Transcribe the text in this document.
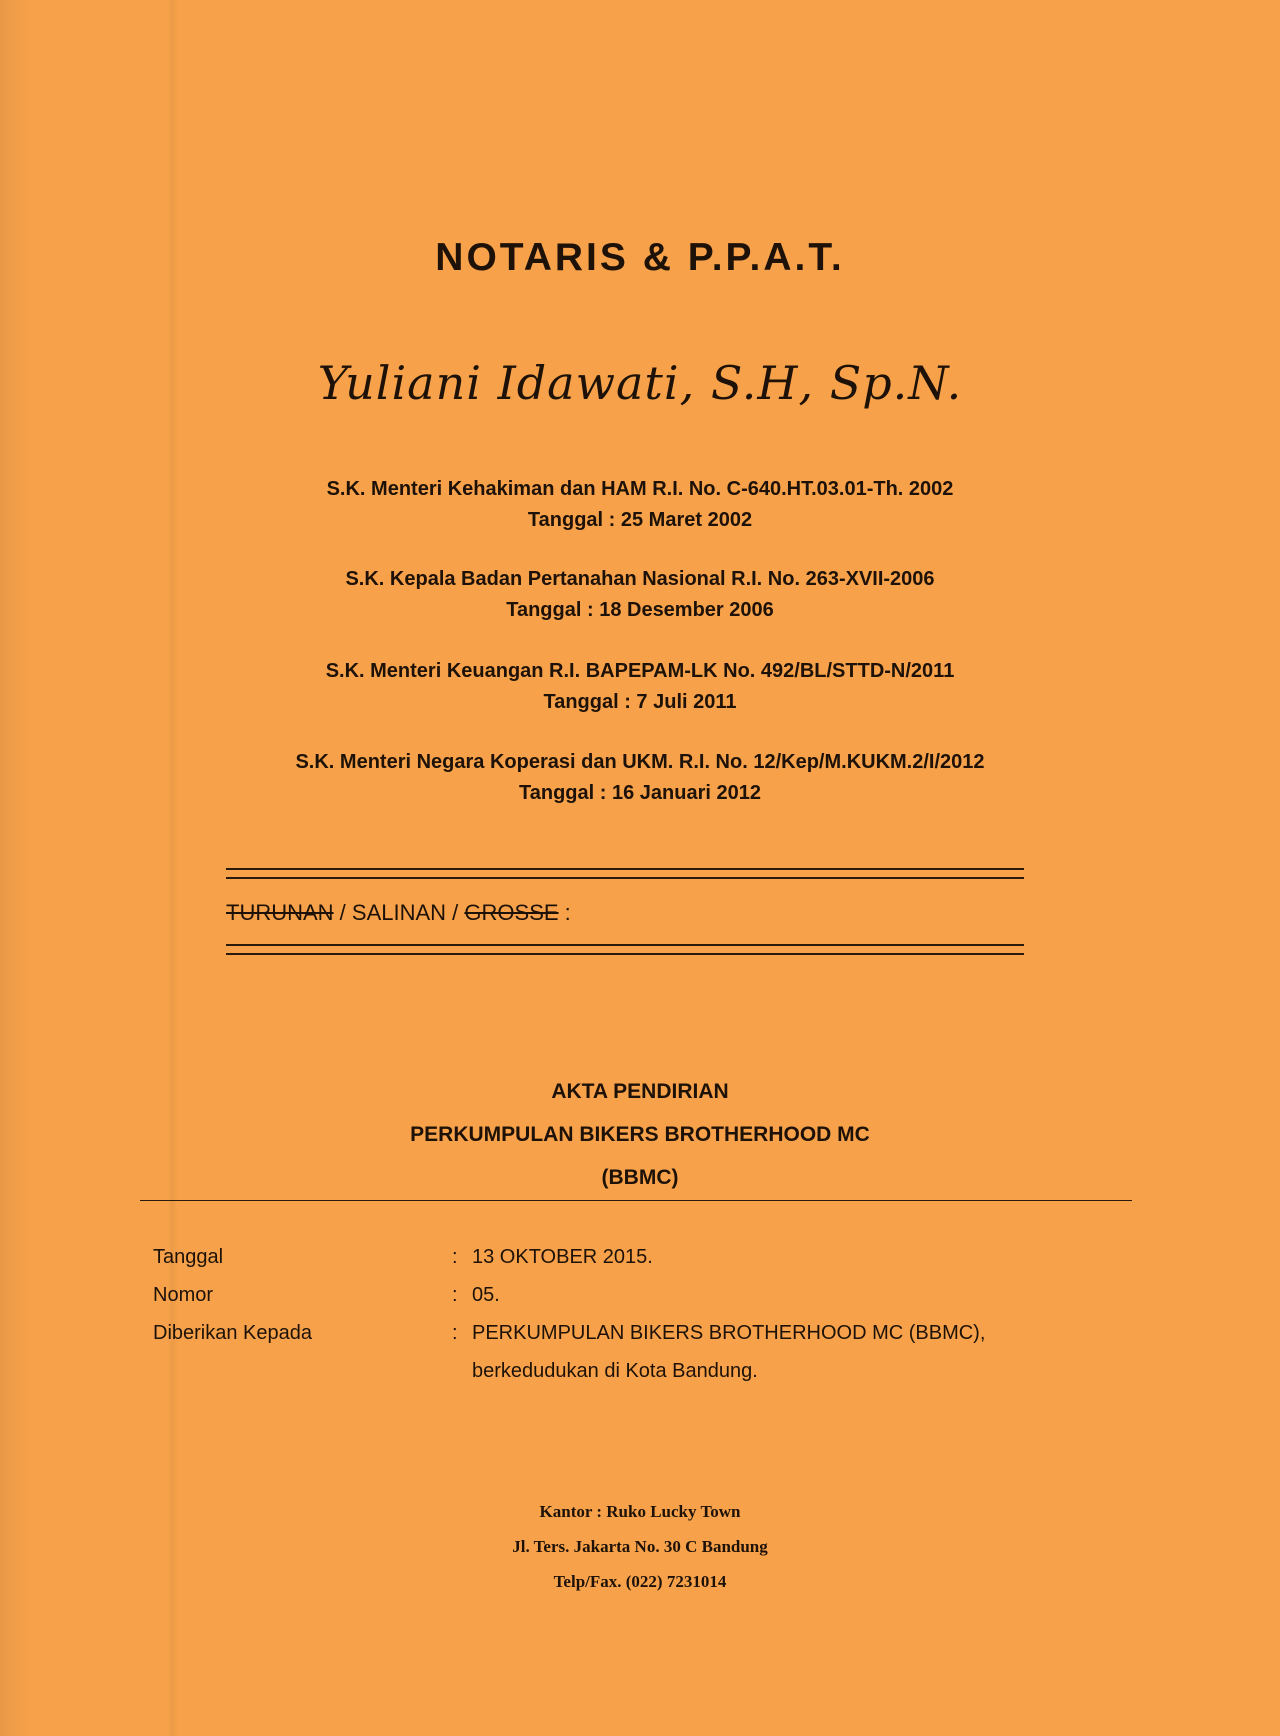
NOTARIS & P.P.A.T.
Yuliani Idawati, S.H, Sp.N.
S.K. Menteri Kehakiman dan HAM R.I. No. C-640.HT.03.01-Th. 2002
Tanggal : 25 Maret 2002
S.K. Kepala Badan Pertanahan Nasional R.I. No. 263-XVII-2006
Tanggal : 18 Desember 2006
S.K. Menteri Keuangan R.I. BAPEPAM-LK No. 492/BL/STTD-N/2011
Tanggal : 7 Juli 2011
S.K. Menteri Negara Koperasi dan UKM. R.I. No. 12/Kep/M.KUKM.2/I/2012
Tanggal : 16 Januari 2012
TURUNAN / SALINAN / GROSSE :
AKTA PENDIRIAN
PERKUMPULAN BIKERS BROTHERHOOD MC
(BBMC)
Tanggal	: 13 OKTOBER 2015.
Nomor	: 05.
Diberikan Kepada	: PERKUMPULAN BIKERS BROTHERHOOD MC (BBMC),
berkedudukan di Kota Bandung.
Kantor : Ruko Lucky Town
Jl. Ters. Jakarta No. 30 C Bandung
Telp/Fax. (022) 7231014
